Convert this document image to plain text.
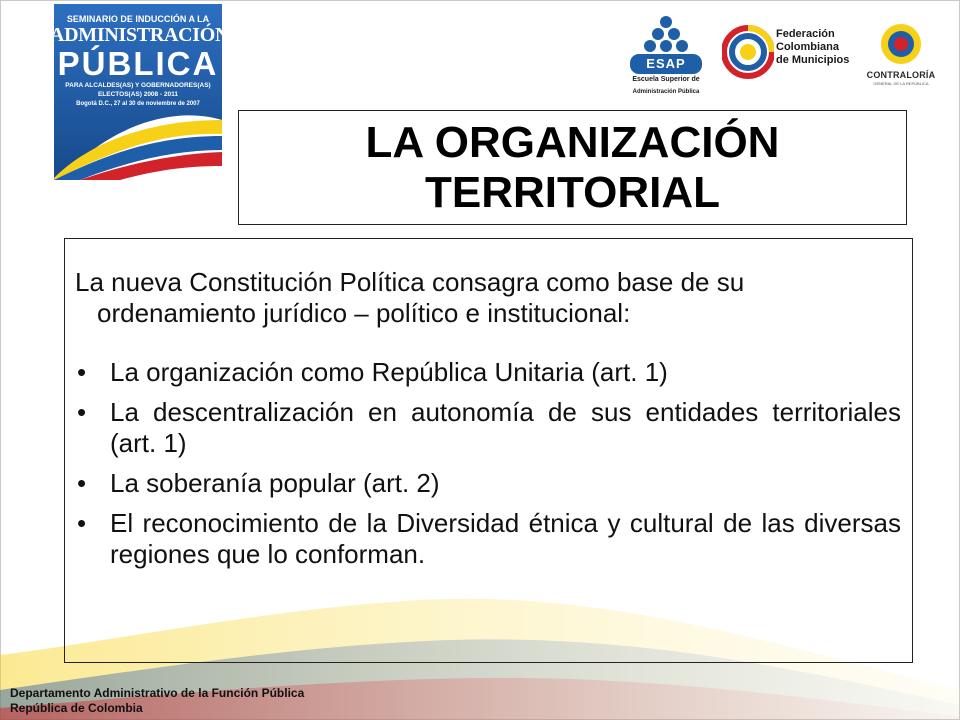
SEMINARIO DE INDUCCIÓN A LA
ADMINISTRACIÓN
PÚBLICA
PARA ALCALDES(AS) Y GOBERNADORES(AS)
ELECTOS(AS) 2008 - 2011
Bogotá D.C., 27 al 30 de noviembre de 2007
ESAP
Escuela Superior de
Administración Pública
Federación
Colombiana
de Municipios
CONTRALORÍA
GENERAL DE LA REPÚBLICA
LA ORGANIZACIÓN
TERRITORIAL

La nueva Constitución Política consagra como base de su ordenamiento jurídico – político e institucional:

• La organización como República Unitaria (art. 1)
• La descentralización en autonomía de sus entidades territoriales (art. 1)
• La soberanía popular (art. 2)
• El reconocimiento de la Diversidad étnica y cultural de las diversas regiones que lo conforman.
Departamento Administrativo de la Función Pública
República de Colombia
